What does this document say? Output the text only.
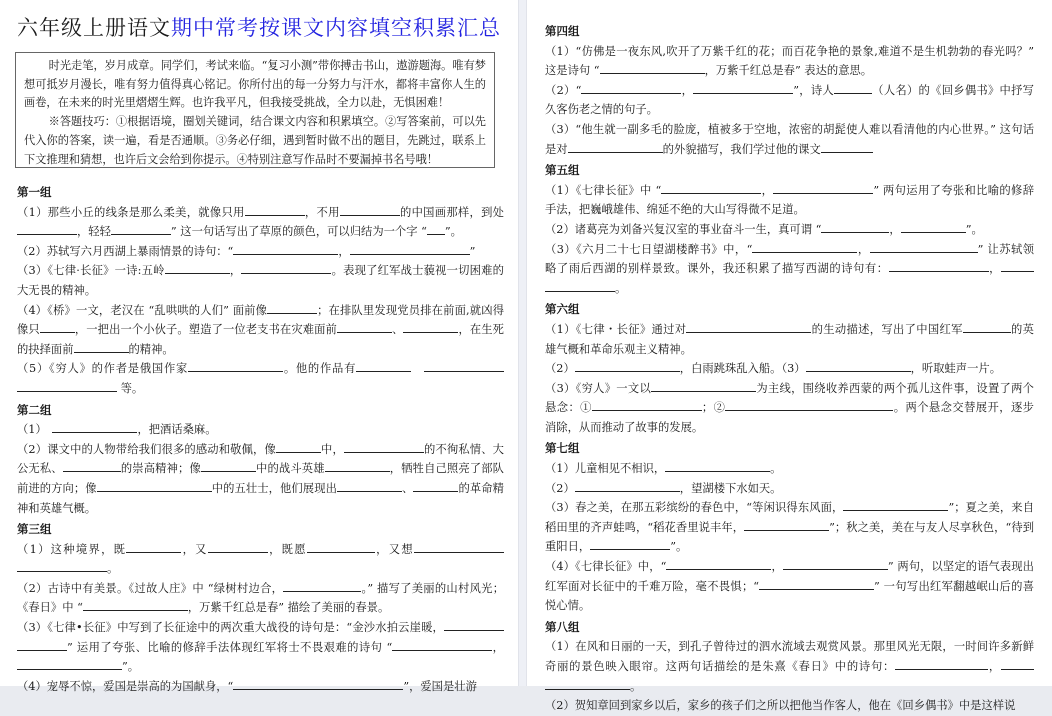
六年级上册语文期中常考按课文内容填空积累汇总

时光走笔，岁月成章。同学们，考试来临。“复习小测”带你搏击书山，遨游题海。唯有梦想可抵岁月漫长，唯有努力值得真心铭记。你所付出的每一分努力与汗水，都将丰富你人生的画卷，在未来的时光里熠熠生辉。也许我平凡，但我接受挑战，全力以赴，无惧困难！

※答题技巧：①根据语境，圈划关键词，结合课文内容和积累填空。②写答案前，可以先代入你的答案，读一遍，看是否通顺。③务必仔细，遇到暂时做不出的题目，先跳过，联系上下文推理和猜想，也许后文会给到你提示。④特别注意写作品时不要漏掉书名号哦！

第一组
（1）那些小丘的线条是那么柔美，就像只用	，不用	的中国画那样，到处，轻轻	” 这一句话写出了草原的颜色，可以归结为一个字 “ ”。
（2）苏轼写六月西湖上暴雨情景的诗句：“	，	”
（3）《七律·长征》一诗:五岭	，	。表现了红军战士藐视一切困难的大无畏的精神。
（4）《桥》一文，老汉在 “乱哄哄的人们” 面前像	；在排队里发现党员排在前面,就凶得像只	，一把出一个小伙子。塑造了一位老支书在灾难面前	、	，在生死的抉择面前	的精神。
（5）《穷人》的作者是俄国作家	。他的作品有　  等。
第二组
（1）　	，把酒话桑麻。
（2）课文中的人物带给我们很多的感动和敬佩，像	中，	的不徇私情、大公无私、	的崇高精神；像	中的战斗英雄	，牺牲自己照亮了部队前进的方向；像	中的五壮士，他们展现出	、	的革命精神和英雄气概。
第三组
（1）这种境界，既	，又	，既愿	，又想 。
（2）古诗中有美景。《过故人庄》中 “绿树村边合，	。” 描写了美丽的山村风光；《春日》中 “	，万紫千红总是春” 描绘了美丽的春景。
（3）《七律•长征》中写到了长征途中的两次重大战役的诗句是：“金沙水拍云崖暖， ” 运用了夸张、比喻的修辞手法体现红军将士不畏艰难的诗句 “	，”。
（4）宠辱不惊，爱国是崇高的为国献身，“	”，爱国是壮游
第四组
（1）“仿佛是一夜东风,吹开了万紫千红的花；而百花争艳的景象,难道不是生机勃勃的春光吗？” 这是诗句 “	，万紫千红总是春” 表达的意思。
（2）“	，	”，诗人	（人名）的《回乡偶书》中抒写久客伤老之情的句子。
（3）“他生就一副多毛的脸庞，植被多于空地，浓密的胡髭使人难以看清他的内心世界。” 这句话是对	的外貌描写，我们学过他的课文
第五组
（1）《七律长征》中 “	，	” 两句运用了夸张和比喻的修辞手法，把巍峨雄伟、绵延不绝的大山写得微不足道。
（2）诸葛亮为刘备兴复汉室的事业奋斗一生，真可谓 “	，	”。
（3）《六月二十七日望湖楼醉书》中，“	，	” 让苏轼领略了雨后西湖的别样景致。课外，我还积累了描写西湖的诗句有：	， 。
第六组
（1）《七律・长征》通过对	的生动描述，写出了中国红军	的英雄气概和革命乐观主义精神。
（2）	，白雨跳珠乱入船。（3）	，听取蛙声一片。
（3）《穷人》一文以	为主线，围绕收养西蒙的两个孤儿这件事，设置了两个悬念：①	；②	。两个悬念交替展开，逐步消除，从而推动了故事的发展。
第七组
（1）儿童相见不相识，	。
（2）	，望湖楼下水如天。
（3）春之美，在那五彩缤纷的春色中，“等闲识得东风面，	”；夏之美，来自稻田里的齐声蛙鸣，“稻花香里说丰年，	”；秋之美，美在与友人尽享秋色，“待到重阳日，	”。
（4）《七律长征》中，“	，	” 两句，以坚定的语气表现出红军面对长征中的千难万险，毫不畏惧；“	” 一句写出红军翻越岷山后的喜悦心情。
第八组
（1）在风和日丽的一天，到孔子曾待过的泗水流域去观赏风景。那里风光无限，一时间许多新鲜奇丽的景色映入眼帘。这两句话描绘的是朱熹《春日》中的诗句：	， 。
（2）贺知章回到家乡以后，家乡的孩子们之所以把他当作客人，他在《回乡偶书》中是这样说
